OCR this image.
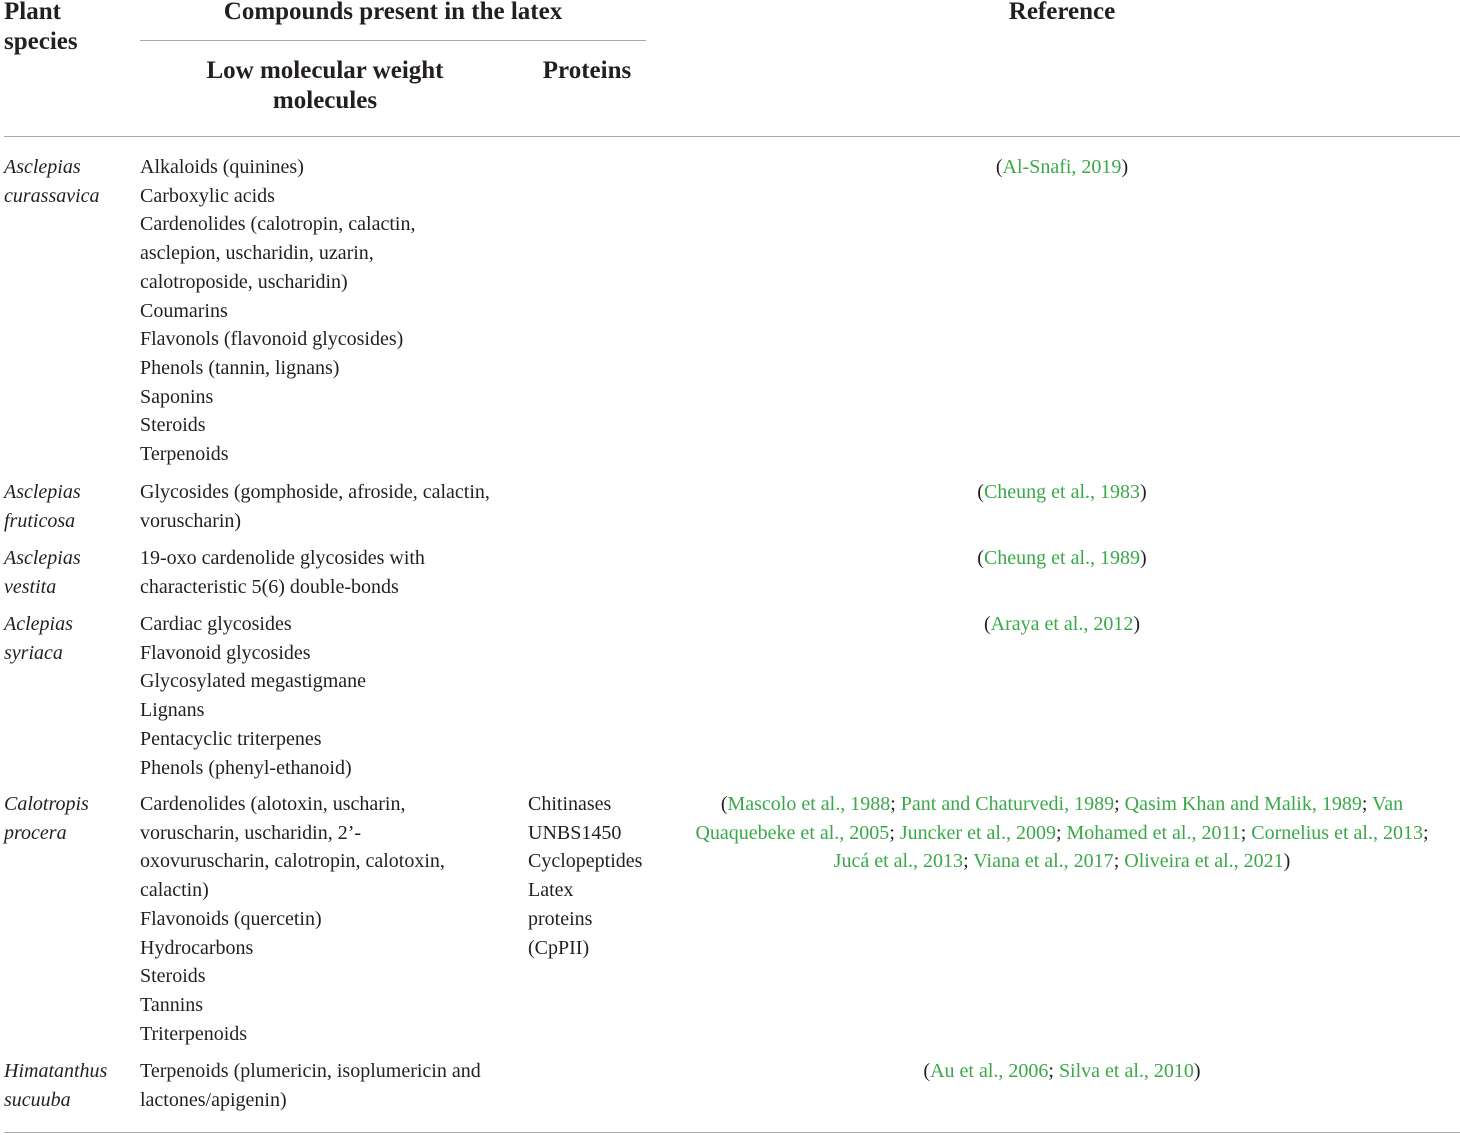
Plant
species
Compounds present in the latex
Low molecular weight
molecules
Proteins
Reference
Asclepias
curassavica
Alkaloids (quinines)
Carboxylic acids
Cardenolides (calotropin, calactin,
asclepion, uscharidin, uzarin,
calotroposide, uscharidin)
Coumarins
Flavonols (flavonoid glycosides)
Phenols (tannin, lignans)
Saponins
Steroids
Terpenoids
(Al-Snafi, 2019)
Asclepias
fruticosa
Glycosides (gomphoside, afroside, calactin,
voruscharin)
(Cheung et al., 1983)
Asclepias
vestita
19-oxo cardenolide glycosides with
characteristic 5(6) double-bonds
(Cheung et al., 1989)
Aclepias
syriaca
Cardiac glycosides
Flavonoid glycosides
Glycosylated megastigmane
Lignans
Pentacyclic triterpenes
Phenols (phenyl-ethanoid)
(Araya et al., 2012)
Calotropis
procera
Cardenolides (alotoxin, uscharin,
voruscharin, uscharidin, 2’-
oxovuruscharin, calotropin, calotoxin,
calactin)
Flavonoids (quercetin)
Hydrocarbons
Steroids
Tannins
Triterpenoids
Chitinases
UNBS1450
Cyclopeptides
Latex
proteins
(CpPII)
(Mascolo et al., 1988; Pant and Chaturvedi, 1989; Qasim Khan and Malik, 1989; Van
Quaquebeke et al., 2005; Juncker et al., 2009; Mohamed et al., 2011; Cornelius et al., 2013;
Jucá et al., 2013; Viana et al., 2017; Oliveira et al., 2021)
Himatanthus
sucuuba
Terpenoids (plumericin, isoplumericin and
lactones/apigenin)
(Au et al., 2006; Silva et al., 2010)
